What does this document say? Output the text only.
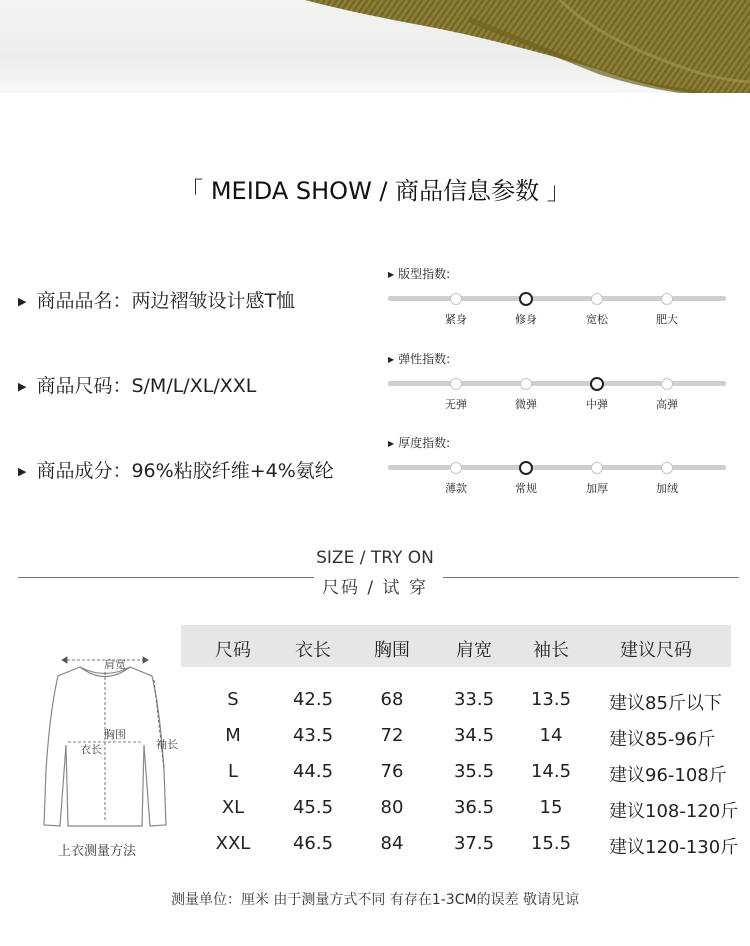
「 MEIDA SHOW / 商品信息参数 」
▶ 商品品名：两边褶皱设计感T恤
▶ 商品尺码：S/M/L/XL/XXL
▶ 商品成分：96%粘胶纤维+4%氨纶
▶ 版型指数:
紧身	修身	宽松	肥大
▶ 弹性指数:
无弹	微弹	中弹	高弹
▶ 厚度指数:
薄款	常规	加厚	加绒
SIZE / TRY ON
尺码 / 试 穿
尺码 衣长 胸围	肩宽 袖长	建议尺码
S	42.5	68	33.5 13.5 建议85斤以下
M	43.5	72	34.5	14	建议85-96斤
L	44.5	76	35.5 14.5 建议96-108斤
XL	45.5	80	36.5	15	建议108-120斤
XXL 46.5	84	37.5 15.5 建议120-130斤
肩宽
胸围
衣长	袖长
上衣测量方法
测量单位：厘米 由于测量方式不同 有存在1-3CM的误差 敬请见谅
